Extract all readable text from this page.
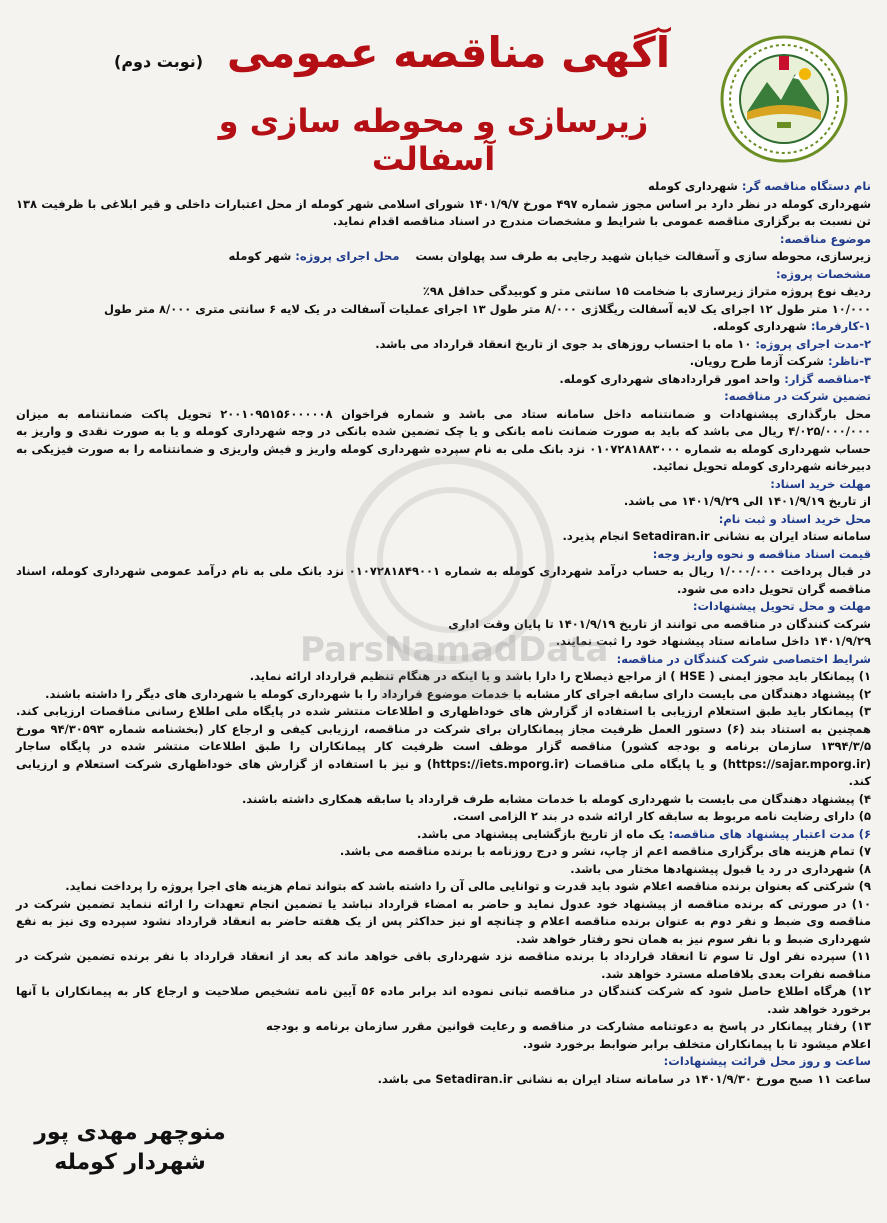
(نوبت دوم) آگهی مناقصه عمومی
زیرسازی و محوطه سازی و آسفالت
ParsNamadData

نام دستگاه مناقصه گر: شهرداری کومله

شهرداری کومله در نظر دارد بر اساس مجوز شماره ۴۹۷ مورخ ۱۴۰۱/۹/۷ شورای اسلامی شهر کومله از محل اعتبارات داخلی و قیر ابلاغی با ظرفیت ۱۳۸ تن نسبت به برگزاری مناقصه عمومی با شرایط و مشخصات مندرج در اسناد مناقصه اقدام نماید.

موضوع مناقصه:

زیرسازی، محوطه سازی و آسفالت خیابان شهید رجایی به طرف سد پهلوان بست    محل اجرای پروژه: شهر کومله

مشخصات پروژه:

ردیف نوع پروژه متراژ زیرسازی با ضخامت ۱۵ سانتی متر و کوبیدگی حداقل ۹۸٪

۱۰/۰۰۰ متر طول ۱۲ اجرای یک لایه آسفالت ریگلاژی ۸/۰۰۰ متر طول ۱۳ اجرای عملیات آسفالت در یک لایه ۶ سانتی متری ۸/۰۰۰ متر طول

۱-کارفرما: شهرداری کومله.

۲-مدت اجرای پروژه: ۱۰ ماه با احتساب روزهای بد جوی از تاریخ انعقاد قرارداد می باشد.

۳-ناظر: شرکت آزما طرح رویان.

۴-مناقصه گزار: واحد امور قراردادهای شهرداری کومله.

تضمین شرکت در مناقصه:

محل بارگذاری پیشنهادات و ضمانتنامه داخل سامانه ستاد می باشد و شماره فراخوان ۲۰۰۱۰۹۵۱۵۶۰۰۰۰۰۸ تحویل پاکت ضمانتنامه به میزان ۴/۰۲۵/۰۰۰/۰۰۰ ریال می باشد که باید به صورت ضمانت نامه بانکی و یا چک تضمین شده بانکی در وجه شهرداری کومله و یا به صورت نقدی و واریز به حساب شهرداری کومله به شماره ۰۱۰۷۲۸۱۸۸۳۰۰۰ نزد بانک ملی به نام سپرده شهرداری کومله واریز و فیش واریزی و ضمانتنامه را به صورت فیزیکی به دبیرخانه شهرداری کومله تحویل نمائید.

مهلت خرید اسناد:

از تاریخ ۱۴۰۱/۹/۱۹ الی ۱۴۰۱/۹/۲۹ می باشد.

محل خرید اسناد و ثبت نام:

سامانه ستاد ایران به نشانی Setadiran.ir انجام پذیرد.

قیمت اسناد مناقصه و نحوه واریز وجه:

در قبال پرداخت ۱/۰۰۰/۰۰۰ ریال به حساب درآمد شهرداری کومله به شماره ۰۱۰۷۲۸۱۸۴۹۰۰۱ نزد بانک ملی به نام درآمد عمومی شهرداری کومله، اسناد مناقصه گران تحویل داده می شود.

مهلت و محل تحویل پیشنهادات:

شرکت کنندگان در مناقصه می توانند از تاریخ ۱۴۰۱/۹/۱۹ تا پایان وقت اداری

۱۴۰۱/۹/۲۹ داخل سامانه ستاد پیشنهاد خود را ثبت نمایند.

شرایط اختصاصی شرکت کنندگان در مناقصه:

۱) پیمانکار باید مجوز ایمنی ( HSE ) از مراجع ذیصلاح را دارا باشد و یا اینکه در هنگام تنظیم قرارداد ارائه نماید.

۲) پیشنهاد دهندگان می بایست دارای سابقه اجرای کار مشابه با خدمات موضوع قرارداد را با شهرداری کومله یا شهرداری های دیگر را داشته باشند.

۳) پیمانکار باید طبق استعلام ارزیابی با استفاده از گزارش های خوداظهاری و اطلاعات منتشر شده در پایگاه ملی اطلاع رسانی مناقصات ارزیابی کند. همچنین به استناد بند (۶) دستور العمل ظرفیت مجاز پیمانکاران برای شرکت در مناقصه، ارزیابی کیفی و ارجاع کار (بخشنامه شماره ۹۴/۳۰۵۹۳ مورخ ۱۳۹۴/۳/۵ سازمان برنامه و بودجه کشور) مناقصه گزار موظف است ظرفیت کار پیمانکاران را طبق اطلاعات منتشر شده در پایگاه ساجار (https://sajar.mporg.ir) و یا پایگاه ملی مناقصات (https://iets.mporg.ir) و نیز با استفاده از گزارش های خوداظهاری شرکت استعلام و ارزیابی کند.

۴) پیشنهاد دهندگان می بایست با شهرداری کومله با خدمات مشابه طرف قرارداد یا سابقه همکاری داشته باشند.

۵) دارای رضایت نامه مربوط به سابقه کار ارائه شده در بند ۲ الزامی است.

۶) مدت اعتبار پیشنهاد های مناقصه: یک ماه از تاریخ بازگشایی پیشنهاد می باشد.

۷) تمام هزینه های برگزاری مناقصه اعم از چاپ، نشر و درج روزنامه با برنده مناقصه می باشد.

۸) شهرداری در رد یا قبول پیشنهادها مختار می باشد.

۹) شرکتی که بعنوان برنده مناقصه اعلام شود باید قدرت و توانایی مالی آن را داشته باشد که بتواند تمام هزینه های اجرا پروژه را پرداخت نماید.

۱۰) در صورتی که برنده مناقصه از پیشنهاد خود عدول نماید و حاضر به امضاء قرارداد نباشد یا تضمین انجام تعهدات را ارائه ننماید تضمین شرکت در مناقصه وی ضبط و نفر دوم به عنوان برنده مناقصه اعلام و چنانچه او نیز حداکثر پس از یک هفته حاضر به انعقاد قرارداد نشود سپرده وی نیز به نفع شهرداری ضبط و با نفر سوم نیز به همان نحو رفتار خواهد شد.

۱۱) سپرده نفر اول تا سوم تا انعقاد قرارداد با برنده مناقصه نزد شهرداری باقی خواهد ماند که بعد از انعقاد قرارداد با نفر برنده تضمین شرکت در مناقصه نفرات بعدی بلافاصله مسترد خواهد شد.

۱۲) هرگاه اطلاع حاصل شود که شرکت کنندگان در مناقصه تبانی نموده اند برابر ماده ۵۶ آیین نامه تشخیص صلاحیت و ارجاع کار به پیمانکاران با آنها برخورد خواهد شد.

۱۳) رفتار پیمانکار در پاسخ به دعوتنامه مشارکت در مناقصه و رعایت قوانین مقرر سازمان برنامه و بودجه اعلام میشود تا با پیمانکاران متخلف برابر ضوابط برخورد شود.

ساعت و روز محل قرائت پیشنهادات:

ساعت ۱۱ صبح مورخ ۱۴۰۱/۹/۳۰ در سامانه ستاد ایران به نشانی Setadiran.ir می باشد.

منوچهر مهدی پور
شهردار کومله
